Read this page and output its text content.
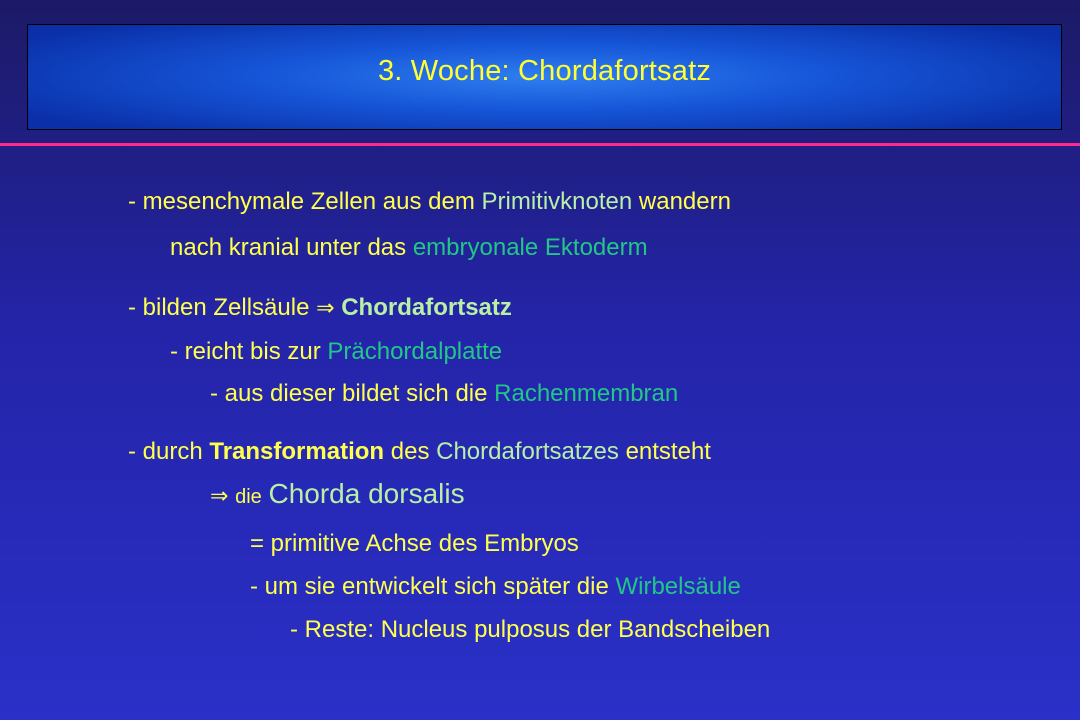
3. Woche: Chordafortsatz
- mesenchymale Zellen aus dem Primitivknoten wandern
nach kranial unter das embryonale Ektoderm
- bilden Zellsäule ⇒ Chordafortsatz
- reicht bis zur Prächordalplatte
- aus dieser bildet sich die Rachenmembran
- durch Transformation des Chordafortsatzes entsteht
⇒ die Chorda dorsalis
= primitive Achse des Embryos
- um sie entwickelt sich später die Wirbelsäule
- Reste: Nucleus pulposus der Bandscheiben
